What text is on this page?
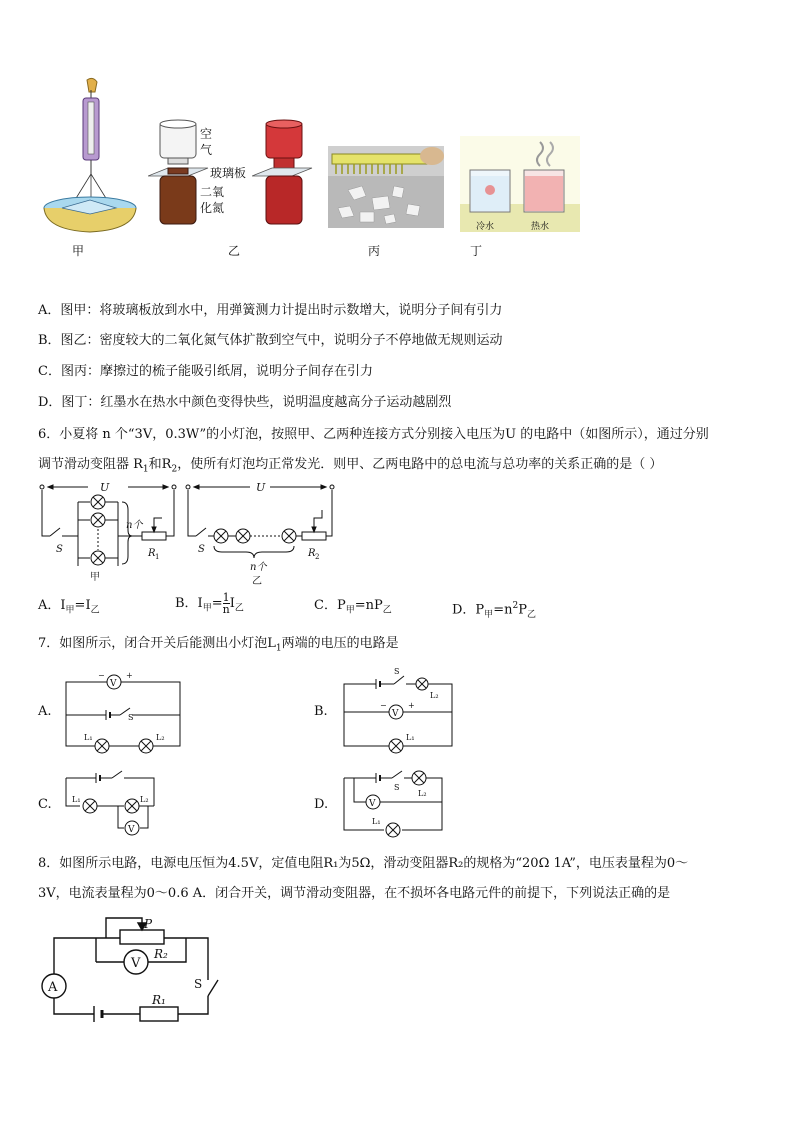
甲
空气
玻璃板
二氧化氮
乙	丙
冷水	热水
丁
A．图甲：将玻璃板放到水中，用弹簧测力计提出时示数增大，说明分子间有引力
B．图乙：密度较大的二氧化氮气体扩散到空气中，说明分子不停地做无规则运动
C．图丙：摩擦过的梳子能吸引纸屑，说明分子间存在引力
D．图丁：红墨水在热水中颜色变得快些，说明温度越高分子运动越剧烈
6．小夏将 n 个“3V，0.3W”的小灯泡，按照甲、乙两种连接方式分别接入电压为U 的电路中（如图所示），通过分别
调节滑动变阻器 $R_1$和$R_2$，使所有灯泡均正常发光．则甲、乙两电路中的总电流与总功率的关系正确的是（ ）
U
S
n个
R 1
甲
U
S	R 2
n个
乙
A．$I_甲=I_乙$	B．$I_甲= \frac{1}{n} I_乙$	C．$P_甲=nP_乙$	D．$P_甲=n^2P_乙$
7．如图所示，闭合开关后能测出小灯泡$L_1$两端的电压的电路是
A.
V
−	+
S
L₁	L₂
B.
S
L₂
V
−	+
L₁
C.	L₁	L₂
V
D.
S
L₁
V
L₂
8．如图所示电路，电源电压恒为4.5V，定值电阻R₁为5Ω，滑动变阻器R₂的规格为“20Ω 1A”，电压表量程为0～
3V，电流表量程为0～0.6 A．闭合开关，调节滑动变阻器，在不损坏各电路元件的前提下，下列说法正确的是
P
R₂
V
A
R₁
S
